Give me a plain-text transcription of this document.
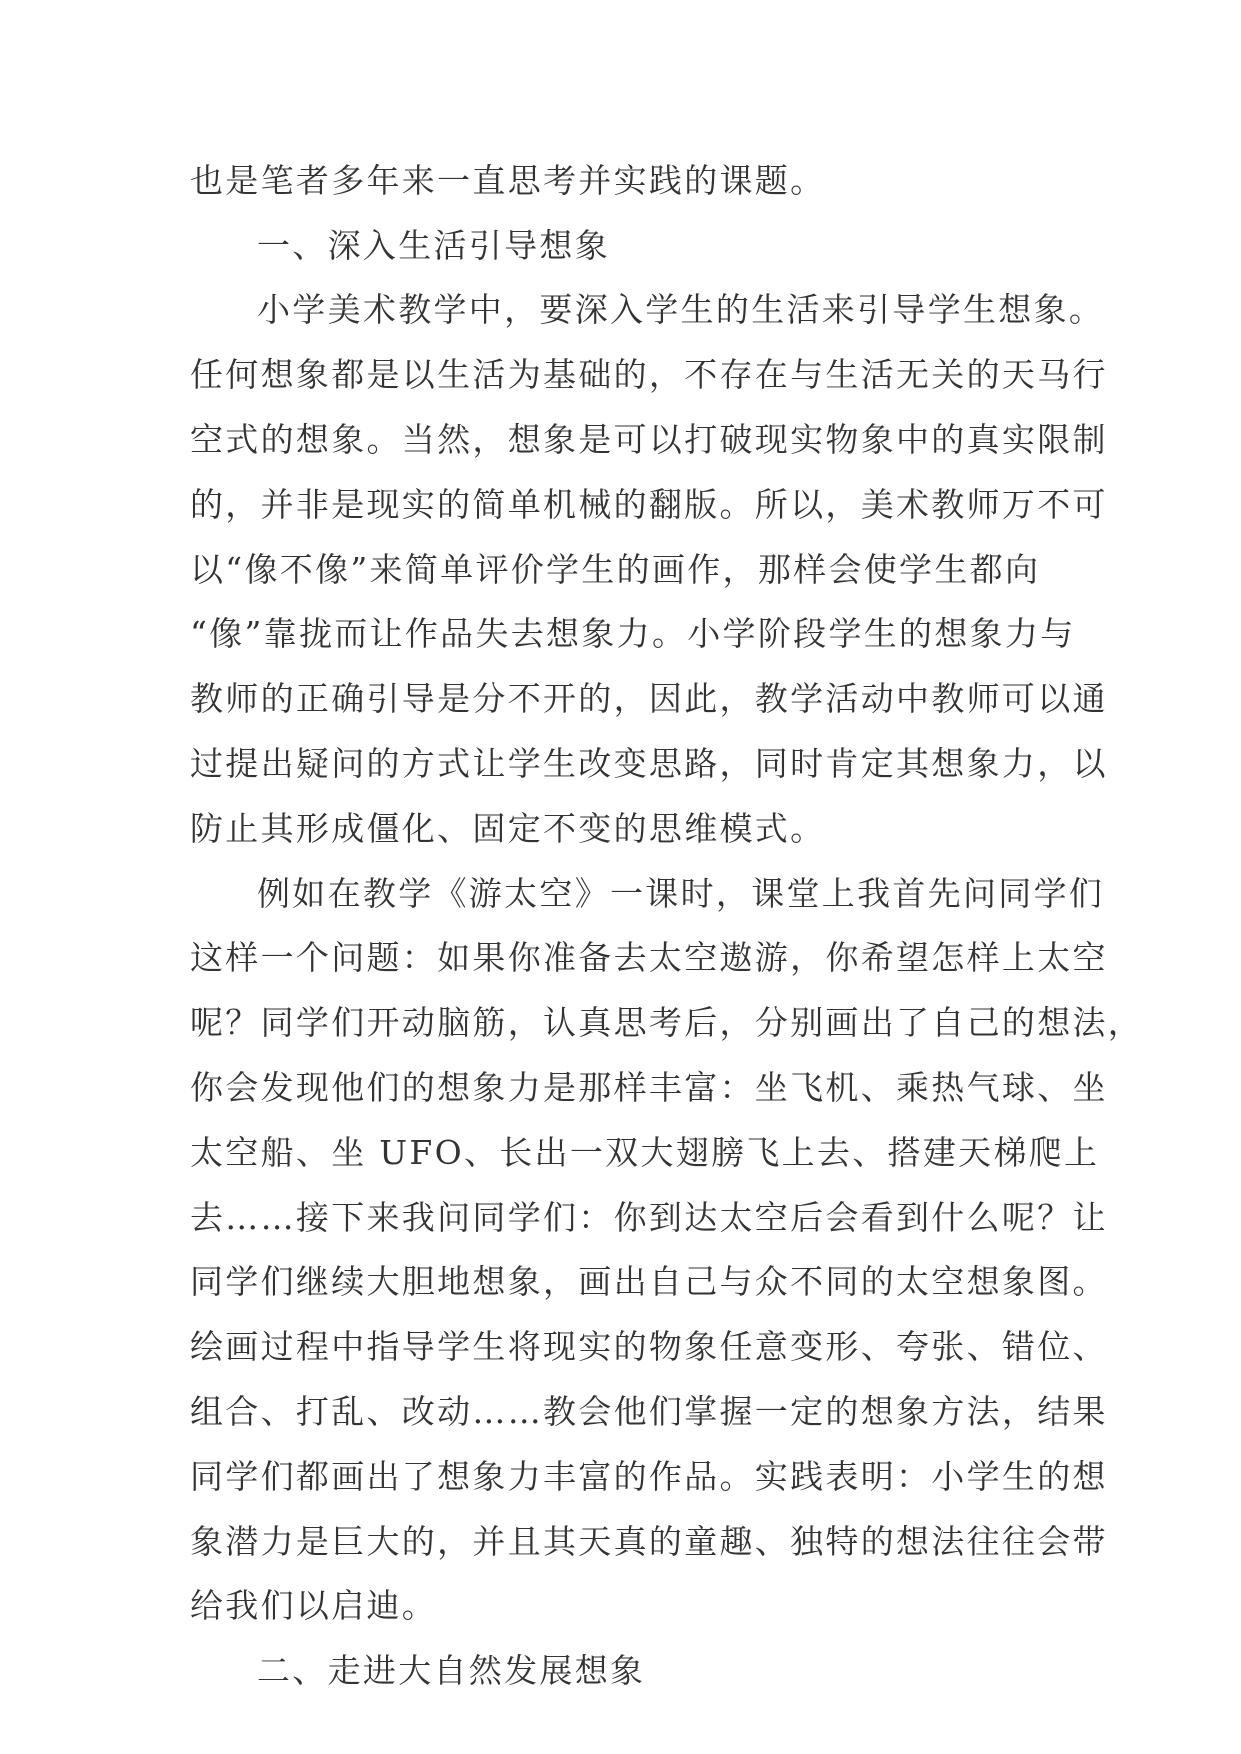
也是笔者多年来一直思考并实践的课题。
一、深入生活引导想象
小学美术教学中，要深入学生的生活来引导学生想象。
任何想象都是以生活为基础的，不存在与生活无关的天马行
空式的想象。当然，想象是可以打破现实物象中的真实限制
的，并非是现实的简单机械的翻版。所以，美术教师万不可
以“像不像”来简单评价学生的画作，那样会使学生都向
“像”靠拢而让作品失去想象力。小学阶段学生的想象力与
教师的正确引导是分不开的，因此，教学活动中教师可以通
过提出疑问的方式让学生改变思路，同时肯定其想象力，以
防止其形成僵化、固定不变的思维模式。
例如在教学《游太空》一课时，课堂上我首先问同学们
这样一个问题：如果你准备去太空遨游，你希望怎样上太空
呢？同学们开动脑筋，认真思考后，分别画出了自己的想法，
你会发现他们的想象力是那样丰富：坐飞机、乘热气球、坐
太空船、坐 UFO、长出一双大翅膀飞上去、搭建天梯爬上
去……接下来我问同学们：你到达太空后会看到什么呢？让
同学们继续大胆地想象，画出自己与众不同的太空想象图。
绘画过程中指导学生将现实的物象任意变形、夸张、错位、
组合、打乱、改动……教会他们掌握一定的想象方法，结果
同学们都画出了想象力丰富的作品。实践表明：小学生的想
象潜力是巨大的，并且其天真的童趣、独特的想法往往会带
给我们以启迪。
二、走进大自然发展想象
